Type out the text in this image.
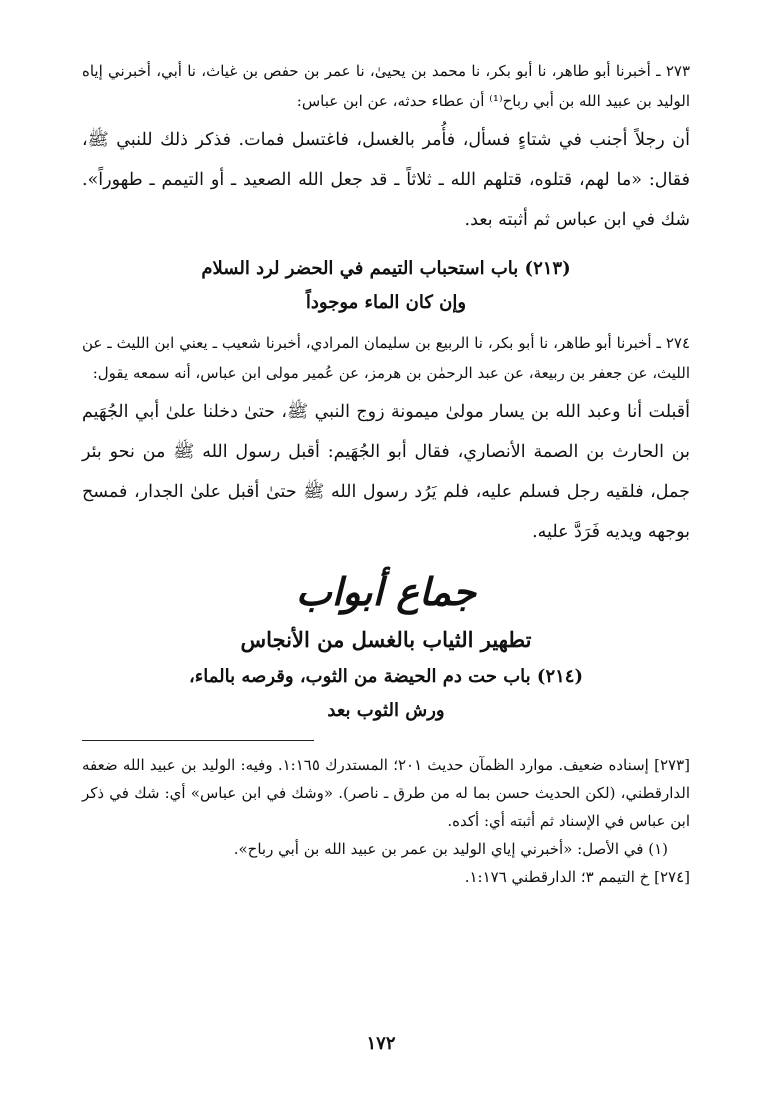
٢٧٣ ـ أخبرنا أبو طاهر، نا أبو بكر، نا محمد بن يحيىٰ، نا عمر بن حفص بن غياث، نا أبي، أخبرني إياه الوليد بن عبيد الله بن أبي رباح⁽¹⁾ أن عطاء حدثه، عن ابن عباس:

أن رجلاً أجنب في شتاءٍ فسأل، فأُمر بالغسل، فاغتسل فمات. فذكر ذلك للنبي ﷺ، فقال: «ما لهم، قتلوه، قتلهم الله ـ ثلاثاً ـ قد جعل الله الصعيد ـ أو التيمم ـ طهوراً». شك في ابن عباس ثم أثبته بعد.

(٢١٣) باب استحباب التيمم في الحضر لرد السلام

وإن كان الماء موجوداً

٢٧٤ ـ أخبرنا أبو طاهر، نا أبو بكر، نا الربيع بن سليمان المرادي، أخبرنا شعيب ـ يعني ابن الليث ـ عن الليث، عن جعفر بن ربيعة، عن عبد الرحمٰن بن هرمز، عن عُمير مولى ابن عباس، أنه سمعه يقول:

أقبلت أنا وعبد الله بن يسار مولىٰ ميمونة زوج النبي ﷺ، حتىٰ دخلنا علىٰ أبي الجُهَيم بن الحارث بن الصمة الأنصاري، فقال أبو الجُهَيم: أقبل رسول الله ﷺ من نحو بئر جمل، فلقيه رجل فسلم عليه، فلم يَرُد رسول الله ﷺ حتىٰ أقبل علىٰ الجدار، فمسح بوجهه ويديه فَرَدَّ عليه.

جماع أبواب

تطهير الثياب بالغسل من الأنجاس

(٢١٤) باب حت دم الحيضة من الثوب، وقرصه بالماء،

ورش الثوب بعد

[٢٧٣] إسناده ضعيف. موارد الظمآن حديث ٢٠١؛ المستدرك ١:١٦٥. وفيه: الوليد بن عبيد الله ضعفه الدارقطني، (لكن الحديث حسن بما له من طرق ـ ناصر). «وشك في ابن عباس» أي: شك في ذكر ابن عباس في الإسناد ثم أثبته أي: أكده.

(١) في الأصل: «أخبرني إياي الوليد بن عمر بن عبيد الله بن أبي رباح».

[٢٧٤] خ التيمم ٣؛ الدارقطني ١:١٧٦.

١٧٢
